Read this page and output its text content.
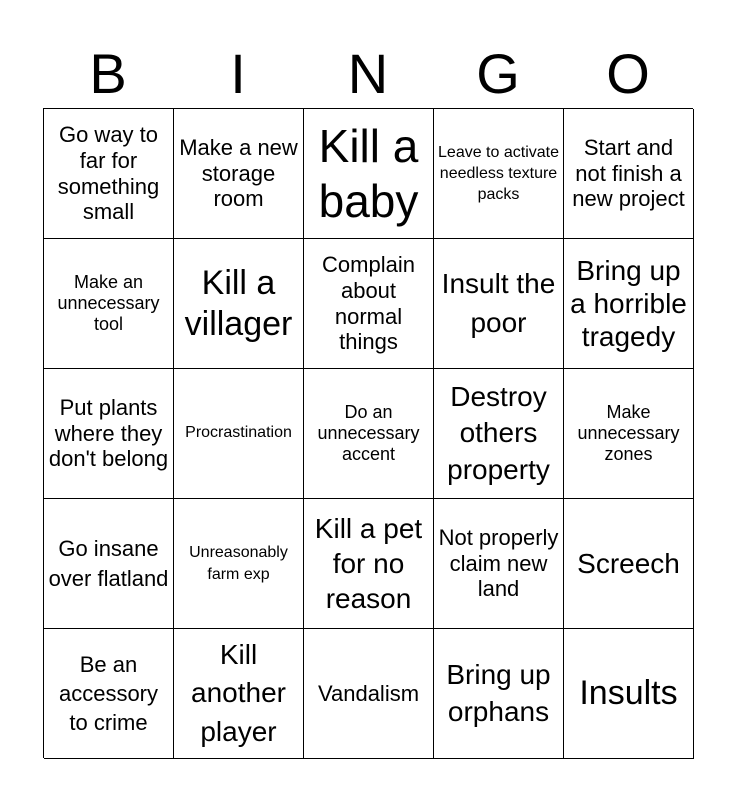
B	I	N	G	O
Go way to far for something small
Make a new storage room
Kill a baby
Leave to activate needless texture packs
Start and not finish a new project
Make an unnecessary tool
Kill a villager
Complain about normal things
Insult the poor
Bring up a horrible tragedy
Put plants where they don't belong
Procrastination
Do an unnecessary accent
Destroy others property
Make unnecessary zones
Go insane over flatland
Unreasonably farm exp
Kill a pet for no reason
Not properly claim new land
Screech
Be an accessory to crime
Kill another player
Vandalism
Bring up orphans Insults
